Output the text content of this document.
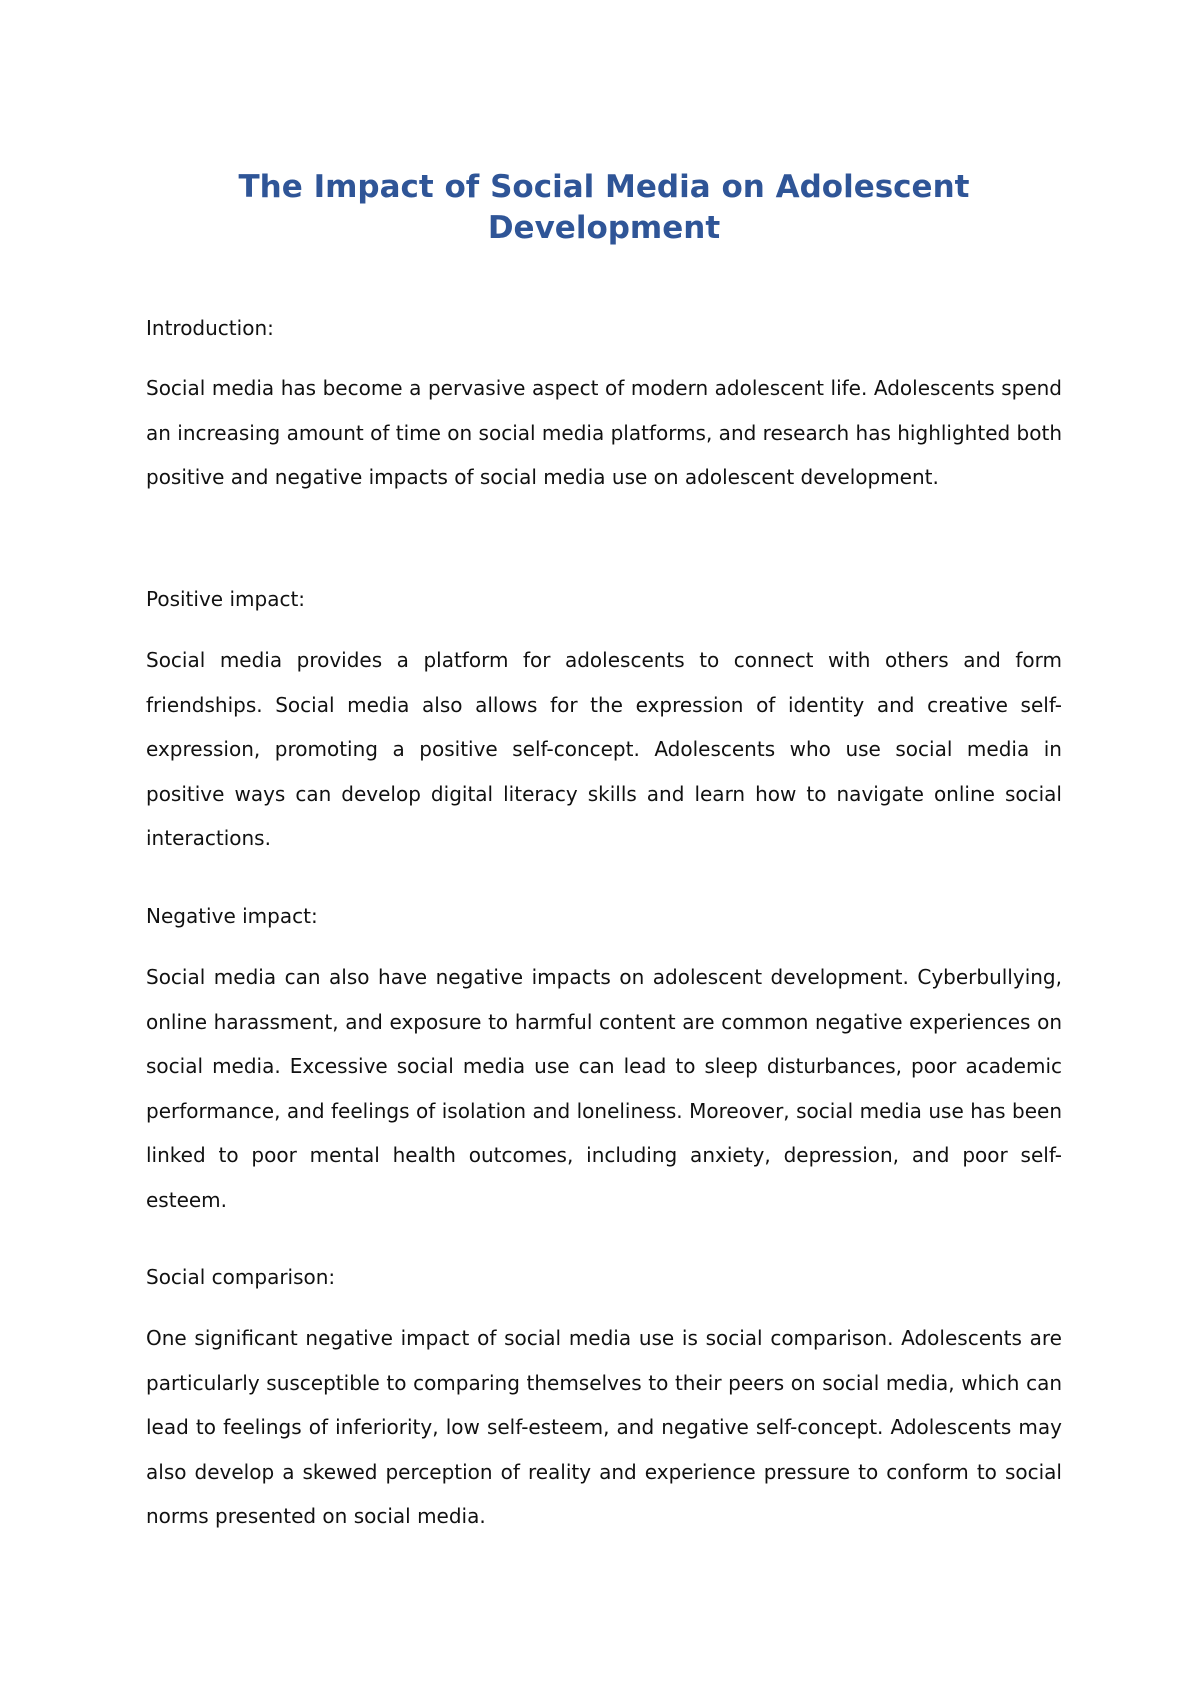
The Impact of Social Media on Adolescent Development
Introduction:

Social media has become a pervasive aspect of modern adolescent life. Adolescents spend an increasing amount of time on social media platforms, and research has highlighted both positive and negative impacts of social media use on adolescent development.

Positive impact:

Social media provides a platform for adolescents to connect with others and form friendships. Social media also allows for the expression of identity and creative self-expression, promoting a positive self-concept. Adolescents who use social media in positive ways can develop digital literacy skills and learn how to navigate online social interactions.

Negative impact:

Social media can also have negative impacts on adolescent development. Cyberbullying, online harassment, and exposure to harmful content are common negative experiences on social media. Excessive social media use can lead to sleep disturbances, poor academic performance, and feelings of isolation and loneliness. Moreover, social media use has been linked to poor mental health outcomes, including anxiety, depression, and poor self-esteem.

Social comparison:

One significant negative impact of social media use is social comparison. Adolescents are particularly susceptible to comparing themselves to their peers on social media, which can lead to feelings of inferiority, low self-esteem, and negative self-concept. Adolescents may also develop a skewed perception of reality and experience pressure to conform to social norms presented on social media.
